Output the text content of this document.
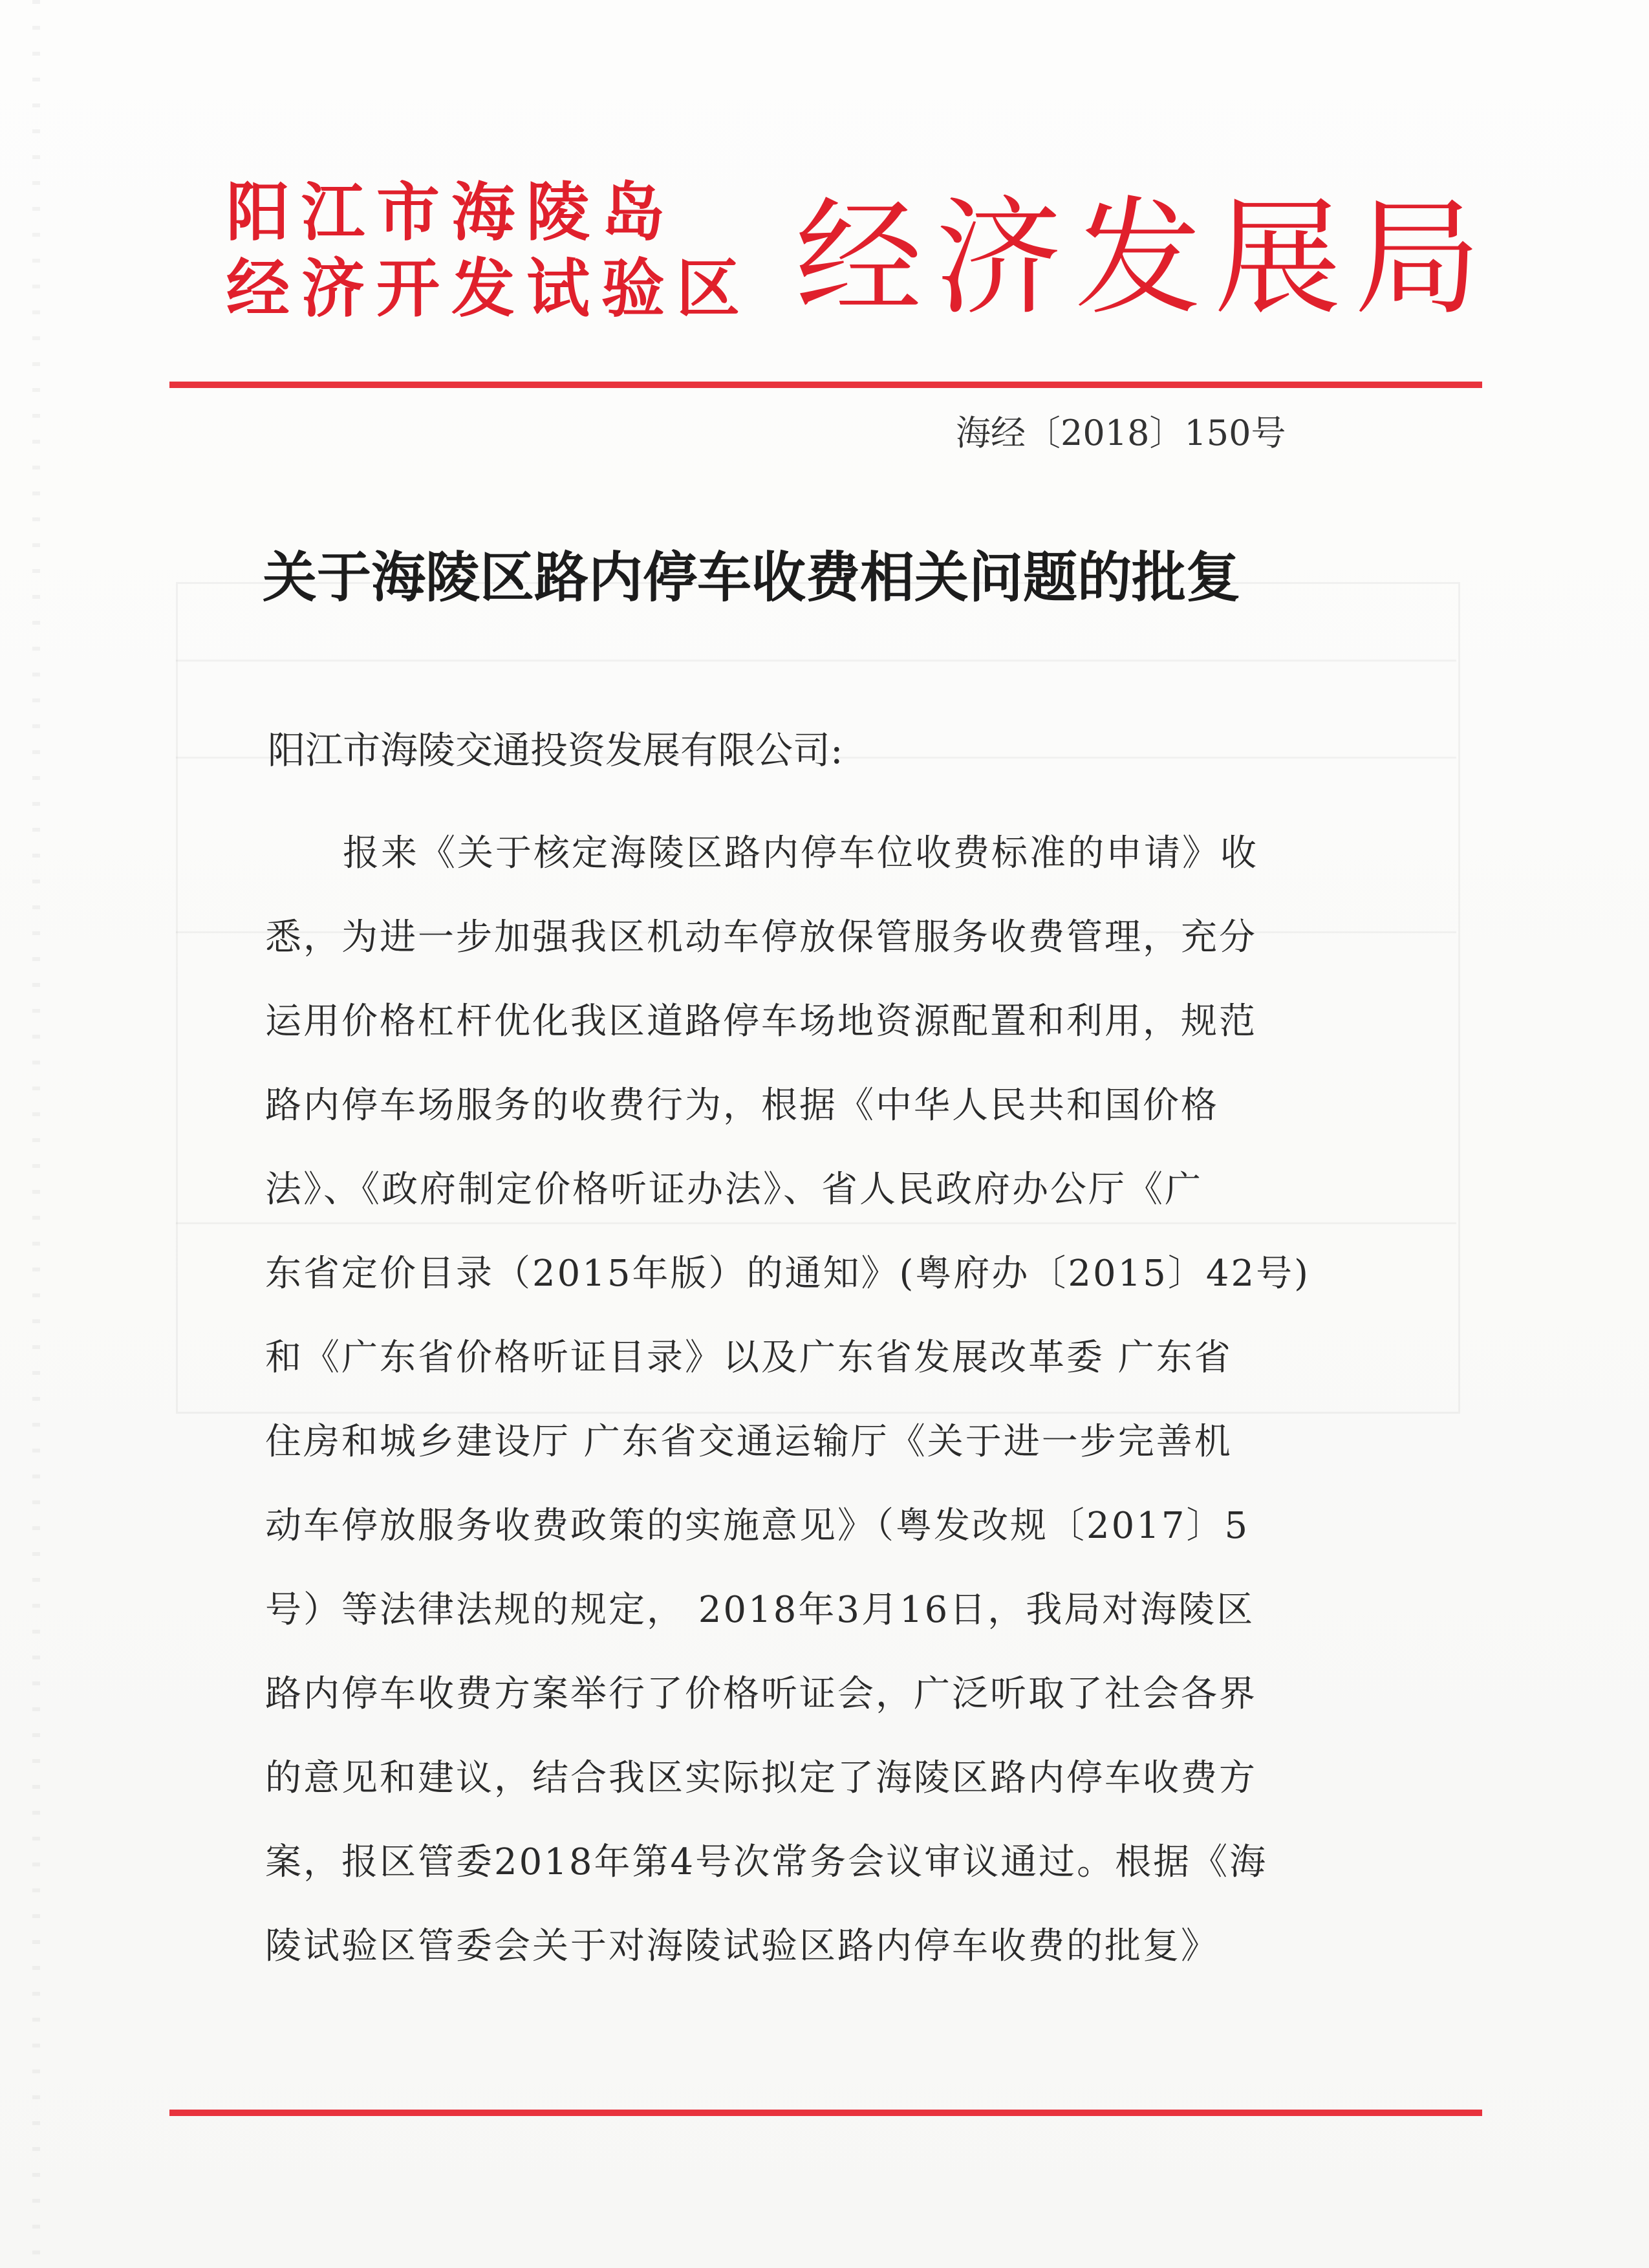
阳江市海陵岛
经济开发试验区 经济发展局
海经〔2018〕150号
关于海陵区路内停车收费相关问题的批复
阳江市海陵交通投资发展有限公司:
报来《关于核定海陵区路内停车位收费标准的申请》收
悉，为进一步加强我区机动车停放保管服务收费管理，充分
运用价格杠杆优化我区道路停车场地资源配置和利用，规范
路内停车场服务的收费行为，根据《中华人民共和国价格
法》、《政府制定价格听证办法》、省人民政府办公厅《广
东省定价目录（2015年版）的通知》(粤府办〔2015〕42号)
和《广东省价格听证目录》以及广东省发展改革委 广东省
住房和城乡建设厅 广东省交通运输厅《关于进一步完善机
动车停放服务收费政策的实施意见》（粤发改规〔2017〕5
号）等法律法规的规定， 2018年3月16日，我局对海陵区
路内停车收费方案举行了价格听证会，广泛听取了社会各界
的意见和建议，结合我区实际拟定了海陵区路内停车收费方
案，报区管委2018年第4号次常务会议审议通过。根据《海
陵试验区管委会关于对海陵试验区路内停车收费的批复》
